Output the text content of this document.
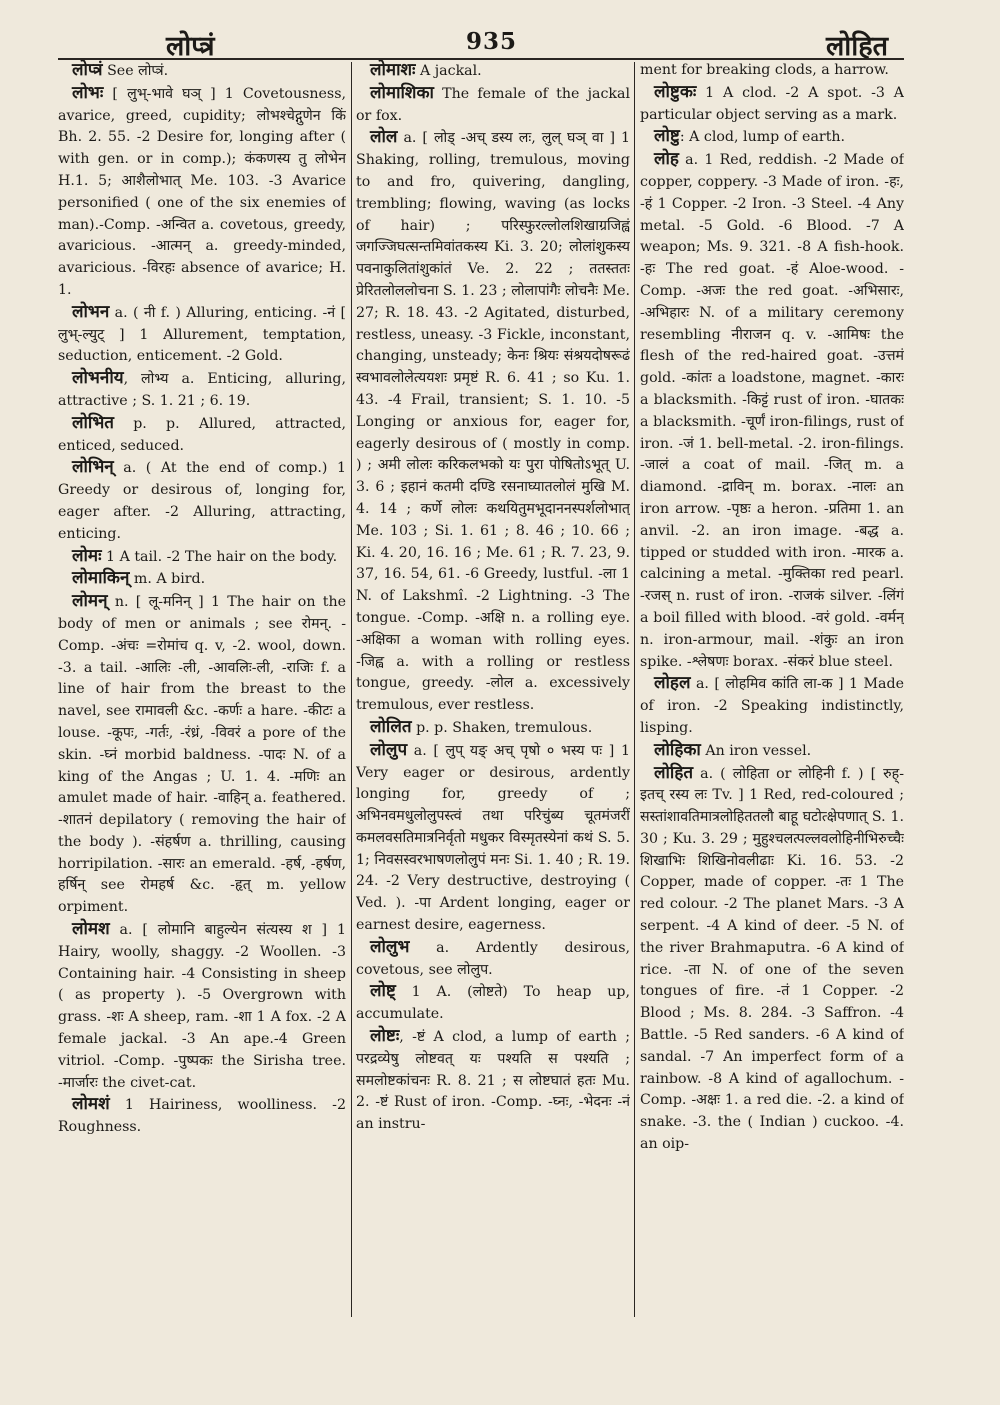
लोप्त्रं	935	लोहित

लोप्त्रं See लोप्त्रं.

लोभः [ लुभ्-भावे घञ् ] 1 Covetousness, avarice, greed, cupidity; लोभश्चेद्गुणेन किं Bh. 2. 55. -2 Desire for, longing after ( with gen. or in comp.); कंकणस्य तु लोभेन H.1. 5; आशैलोभात् Me. 103. -3 Avarice personified ( one of the six enemies of man).-Comp. -अन्वित a. covetous, greedy, avaricious. -आत्मन् a. greedy-minded, avaricious. -विरहः absence of avarice; H. 1.

लोभन a. ( नी f. ) Alluring, enticing. -नं [ लुभ्-ल्युट् ] 1 Allurement, temptation, seduction, enticement. -2 Gold.

लोभनीय, लोभ्य a. Enticing, alluring, attractive ; S. 1. 21 ; 6. 19.

लोभित p. p. Allured, attracted, enticed, seduced.

लोभिन् a. ( At the end of comp.) 1 Greedy or desirous of, longing for, eager after. -2 Alluring, attracting, enticing.

लोमः 1 A tail. -2 The hair on the body.

लोमाकिन् m. A bird.

लोमन् n. [ लू-मनिन् ] 1 The hair on the body of men or animals ; see रोमन्. -Comp. -अंचः =रोमांच q. v, -2. wool, down. -3. a tail. -आलिः -ली, -आवलिः-ली, -राजिः f. a line of hair from the breast to the navel, see रामावली &c. -कर्णः a hare. -कीटः a louse. -कूपः, -गर्तः, -रंध्रं, -विवरं a pore of the skin. -घ्नं morbid baldness. -पादः N. of a king of the Angas ; U. 1. 4. -मणिः an amulet made of hair. -वाहिन् a. feathered. -शातनं depilatory ( removing the hair of the body ). -संहर्षण a. thrilling, causing horripilation. -सारः an emerald. -हर्ष, -हर्षण, हर्षिन् see रोमहर्ष &c. -हृत् m. yellow orpiment.

लोमश a. [ लोमानि बाहुल्येन संत्यस्य श ] 1 Hairy, woolly, shaggy. -2 Woollen. -3 Containing hair. -4 Consisting in sheep ( as property ). -5 Overgrown with grass. -शः A sheep, ram. -शा 1 A fox. -2 A female jackal. -3 An ape.-4 Green vitriol. -Comp. -पुष्पकः the Sirisha tree. -मार्जारः the civet-cat.

लोमशं 1 Hairiness, woolliness. -2 Roughness.

लोमाशः A jackal.

लोमाशिका The female of the jackal or fox.

लोल a. [ लोड् -अच् डस्य लः, लुल् घञ् वा ] 1 Shaking, rolling, tremulous, moving to and fro, quivering, dangling, trembling; flowing, waving (as locks of hair) ; परिस्फुरल्लोलशिखाग्रजिह्वं जगज्जिघत्सन्तमिवांतकस्य Ki. 3. 20; लोलांशुकस्य पवनाकुलितांशुकांतं Ve. 2. 22 ; ततस्ततः प्रेरितलोललोचना S. 1. 23 ; लोलापांगैः लोचनैः Me. 27; R. 18. 43. -2 Agitated, disturbed, restless, uneasy. -3 Fickle, inconstant, changing, unsteady; केनः श्रियः संश्रयदोषरूढं स्वभावलोलेत्ययशः प्रमृष्टं R. 6. 41 ; so Ku. 1. 43. -4 Frail, transient; S. 1. 10. -5 Longing or anxious for, eager for, eagerly desirous of ( mostly in comp. ) ; अमी लोलः करिकलभको यः पुरा पोषितोऽभूत् U. 3. 6 ; इहानं कतमी दण्डि रसनाघ्यातलोलं मुखि M. 4. 14 ; कर्णे लोलः कथयितुमभूदाननस्पर्शलोभात् Me. 103 ; Si. 1. 61 ; 8. 46 ; 10. 66 ; Ki. 4. 20, 16. 16 ; Me. 61 ; R. 7. 23, 9. 37, 16. 54, 61. -6 Greedy, lustful. -ला 1 N. of Lakshmî. -2 Lightning. -3 The tongue. -Comp. -अक्षि n. a rolling eye. -अक्षिका a woman with rolling eyes. -जिह्व a. with a rolling or restless tongue, greedy. -लोल a. excessively tremulous, ever restless.

लोलित p. p. Shaken, tremulous.

लोलुप a. [ लुप् यङ् अच् पृषो ० भस्य पः ] 1 Very eager or desirous, ardently longing for, greedy of ; अभिनवमधुलोलुपस्त्वं तथा परिचुंब्य चूतमंजरीं कमलवसतिमात्रनिर्वृतो मधुकर विस्मृतस्येनां कथं S. 5. 1; निवसस्वरभाषणलोलुपं मनः Si. 1. 40 ; R. 19. 24. -2 Very destructive, destroying ( Ved. ). -पा Ardent longing, eager or earnest desire, eagerness.

लोलुभ a. Ardently desirous, covetous, see लोलुप.

लोष्ट् 1 A. (लोष्टते) To heap up, accumulate.

लोष्टः, -ष्टं A clod, a lump of earth ; परद्रव्येषु लोष्टवत् यः पश्यति स पश्यति ; समलोष्टकांचनः R. 8. 21 ; स लोष्टघातं हतः Mu. 2. -ष्टं Rust of iron. -Comp. -घ्नः, -भेदनः -नं an instru-

ment for breaking clods, a harrow.

लोष्टुकः 1 A clod. -2 A spot. -3 A particular object serving as a mark.

लोष्टु: A clod, lump of earth.

लोह a. 1 Red, reddish. -2 Made of copper, coppery. -3 Made of iron. -हः, -हं 1 Copper. -2 Iron. -3 Steel. -4 Any metal. -5 Gold. -6 Blood. -7 A weapon; Ms. 9. 321. -8 A fish-hook. -हः The red goat. -हं Aloe-wood. -Comp. -अजः the red goat. -अभिसारः, -अभिहारः N. of a military ceremony resembling नीराजन q. v. -आमिषः the flesh of the red-haired goat. -उत्तमं gold. -कांतः a loadstone, magnet. -कारः a blacksmith. -किट्टं rust of iron. -घातकः a blacksmith. -चूर्णं iron-filings, rust of iron. -जं 1. bell-metal. -2. iron-filings. -जालं a coat of mail. -जित् m. a diamond. -द्राविन् m. borax. -नालः an iron arrow. -पृष्ठः a heron. -प्रतिमा 1. an anvil. -2. an iron image. -बद्ध a. tipped or studded with iron. -मारक a. calcining a metal. -मुक्तिका red pearl. -रजस् n. rust of iron. -राजकं silver. -लिंगं a boil filled with blood. -वरं gold. -वर्मन् n. iron-armour, mail. -शंकुः an iron spike. -श्लेषणः borax. -संकरं blue steel.

लोहल a. [ लोहमिव कांति ला-क ] 1 Made of iron. -2 Speaking indistinctly, lisping.

लोहिका An iron vessel.

लोहित a. ( लोहिता or लोहिनी f. ) [ रुह्-इतच् रस्य लः Tv. ] 1 Red, red-coloured ; सस्तांशावतिमात्रलोहिततलौ बाहू घटोत्क्षेपणात् S. 1. 30 ; Ku. 3. 29 ; मुहुश्चलत्पल्लवलोहिनीभिरुच्चैः शिखाभिः शिखिनोवलीढाः Ki. 16. 53. -2 Copper, made of copper. -तः 1 The red colour. -2 The planet Mars. -3 A serpent. -4 A kind of deer. -5 N. of the river Brahmaputra. -6 A kind of rice. -ता N. of one of the seven tongues of fire. -तं 1 Copper. -2 Blood ; Ms. 8. 284. -3 Saffron. -4 Battle. -5 Red sanders. -6 A kind of sandal. -7 An imperfect form of a rainbow. -8 A kind of agallochum. -Comp. -अक्षः 1. a red die. -2. a kind of snake. -3. the ( Indian ) cuckoo. -4. an oip-
